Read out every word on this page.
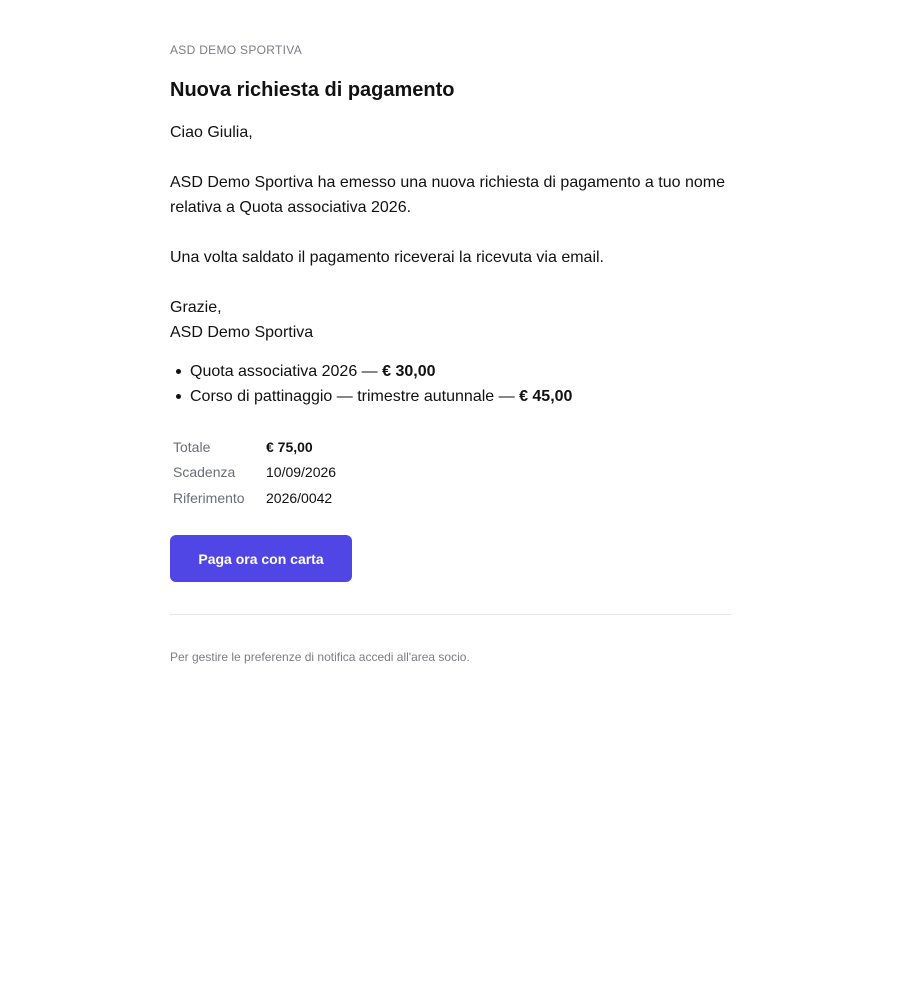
ASD DEMO SPORTIVA
Nuova richiesta di pagamento

Ciao Giulia,

ASD Demo Sportiva ha emesso una nuova richiesta di pagamento a tuo nome relativa a Quota associativa 2026.

Una volta saldato il pagamento riceverai la ricevuta via email.

Grazie,

ASD Demo Sportiva

Quota associativa 2026 — € 30,00
Corso di pattinaggio — trimestre autunnale — € 45,00
Totale	€ 75,00
Scadenza	10/09/2026
Riferimento	2026/0042
Paga ora con carta

Per gestire le preferenze di notifica accedi all'area socio.
